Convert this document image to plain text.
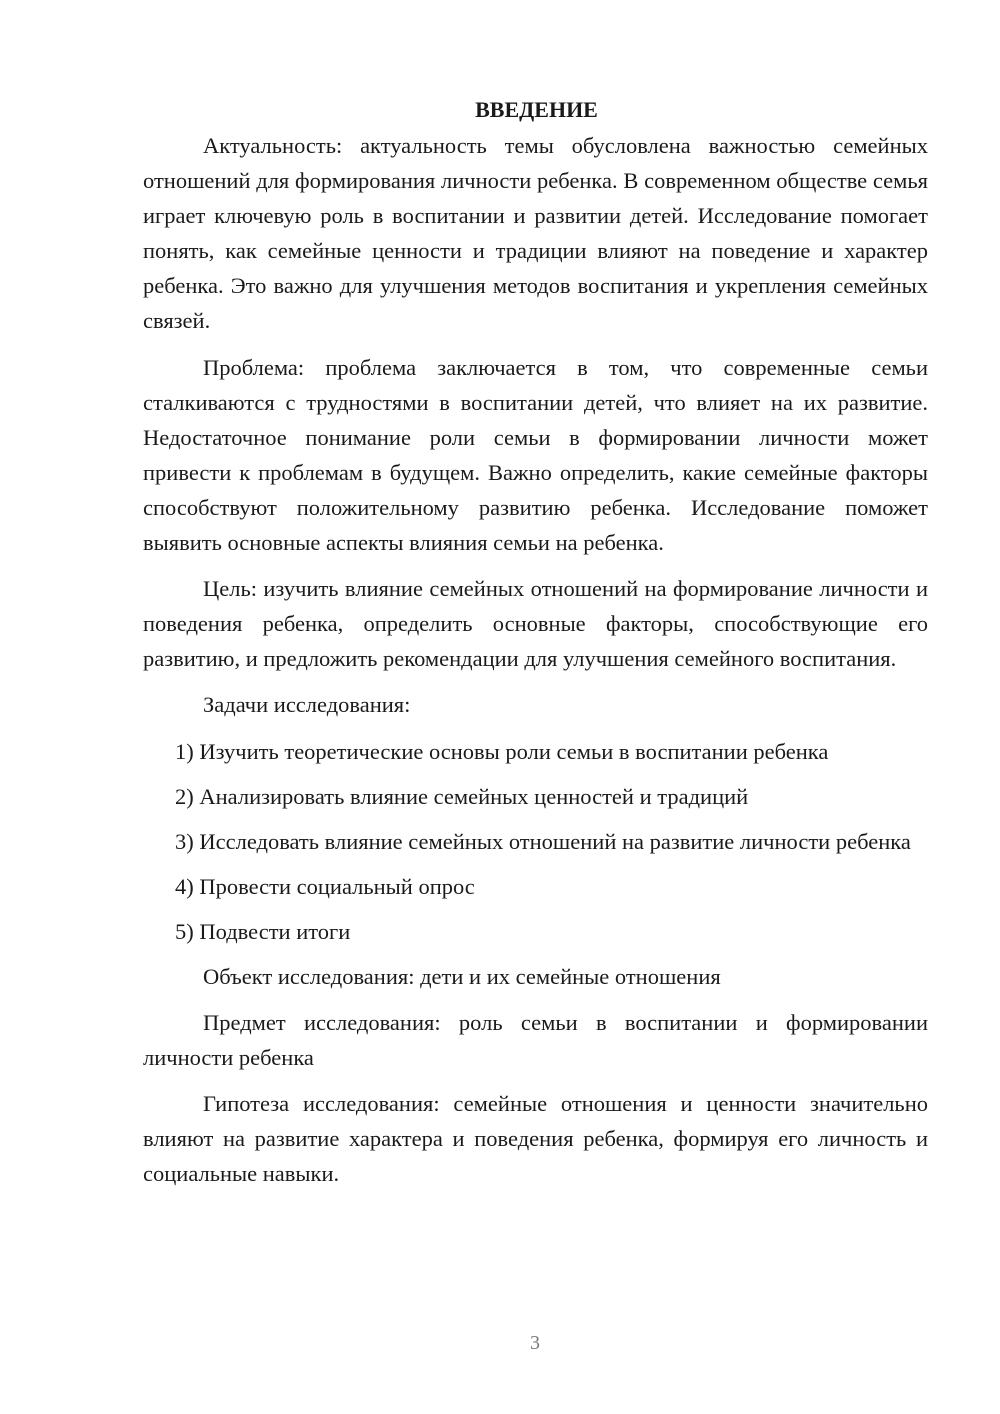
ВВЕДЕНИЕ

Актуальность: актуальность темы обусловлена важностью семейных отношений для формирования личности ребенка. В современном обществе семья играет ключевую роль в воспитании и развитии детей. Исследование помогает понять, как семейные ценности и традиции влияют на поведение и характер ребенка. Это важно для улучшения методов воспитания и укрепления семейных связей.

Проблема: проблема заключается в том, что современные семьи сталкиваются с трудностями в воспитании детей, что влияет на их развитие. Недостаточное понимание роли семьи в формировании личности может привести к проблемам в будущем. Важно определить, какие семейные факторы способствуют положительному развитию ребенка. Исследование поможет выявить основные аспекты влияния семьи на ребенка.

Цель: изучить влияние семейных отношений на формирование личности и поведения ребенка, определить основные факторы, способствующие его развитию, и предложить рекомендации для улучшения семейного воспитания.

Задачи исследования:

1) Изучить теоретические основы роли семьи в воспитании ребенка

2) Анализировать влияние семейных ценностей и традиций

3) Исследовать влияние семейных отношений на развитие личности ребенка

4) Провести социальный опрос

5) Подвести итоги

Объект исследования: дети и их семейные отношения

Предмет исследования: роль семьи в воспитании и формировании личности ребенка

Гипотеза исследования: семейные отношения и ценности значительно влияют на развитие характера и поведения ребенка, формируя его личность и социальные навыки.

3
